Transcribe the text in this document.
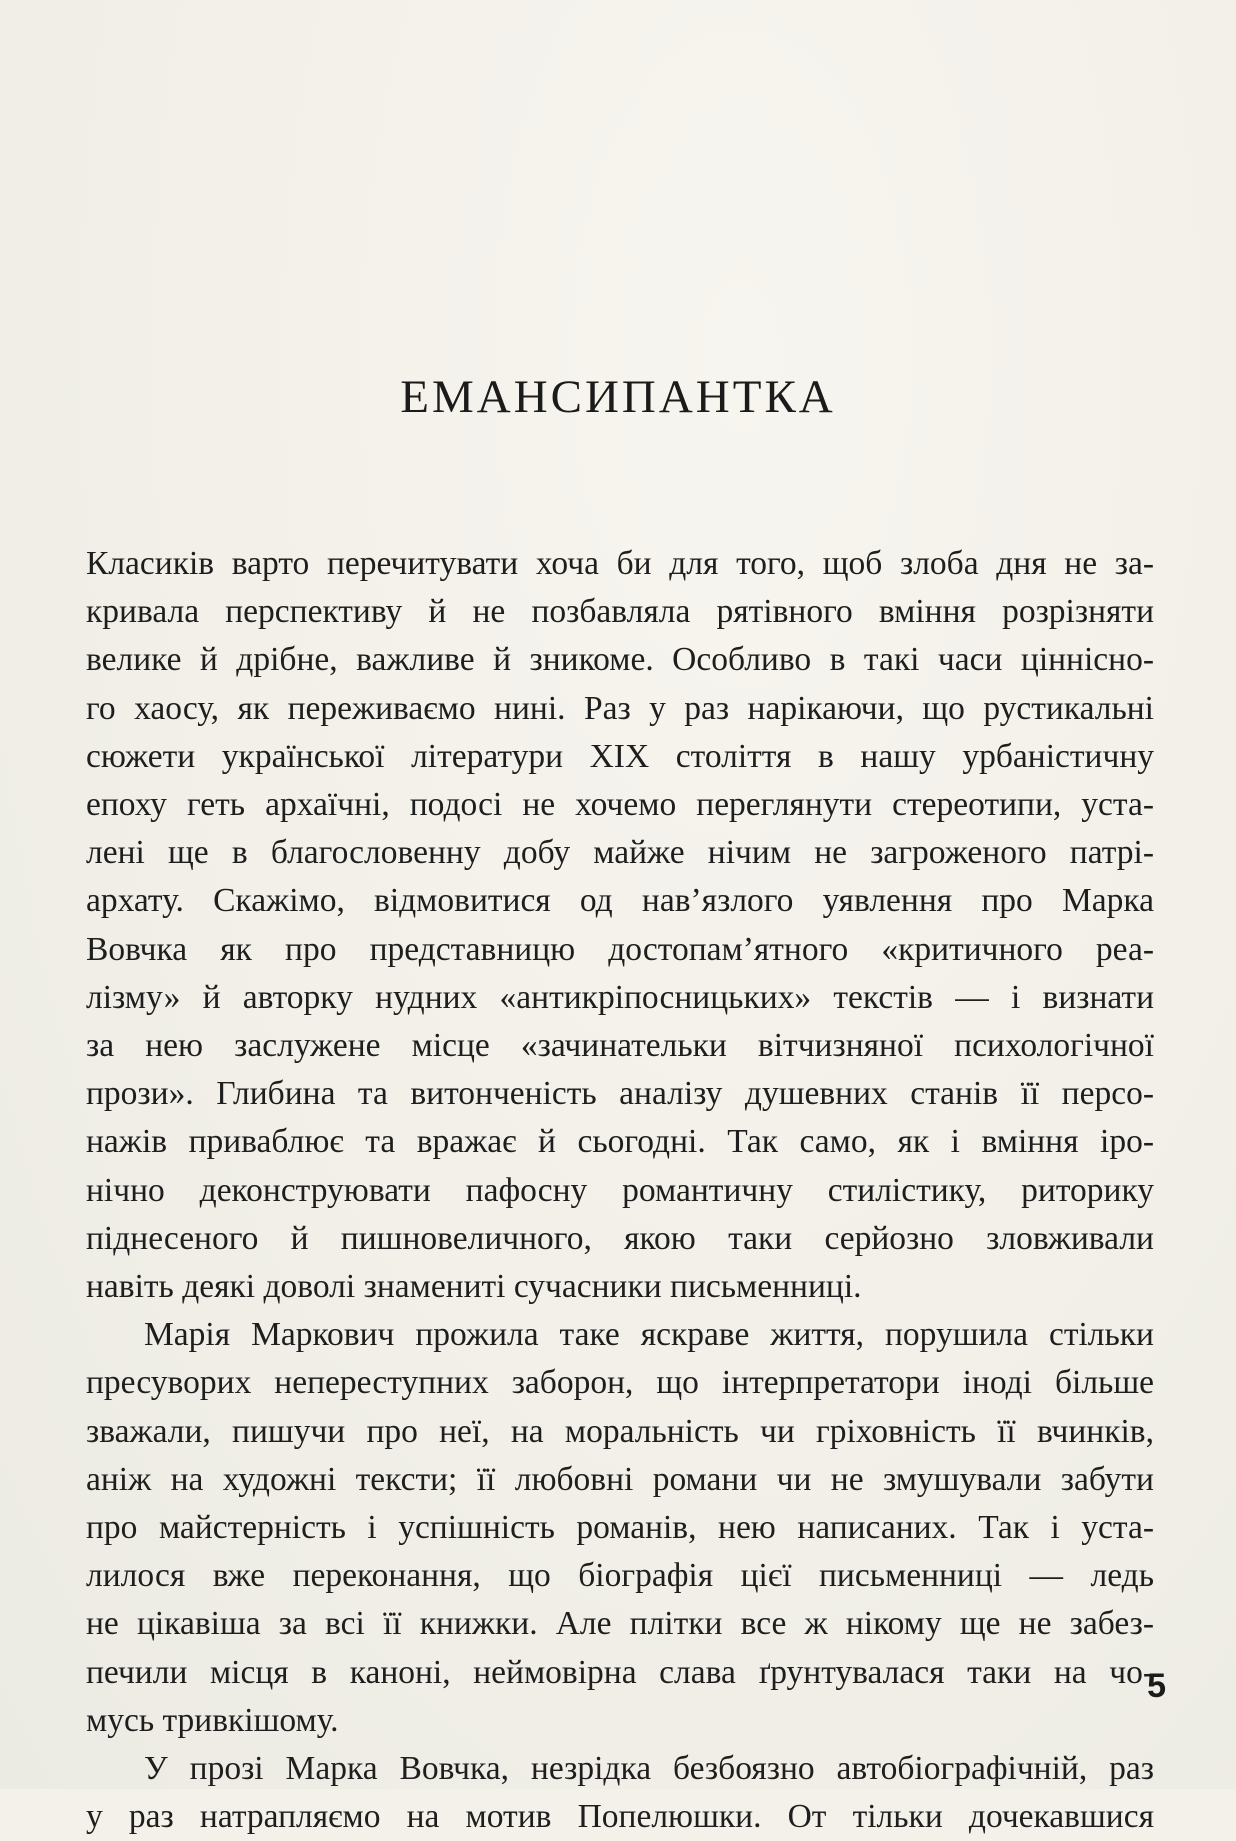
ЕМАНСИПАНТКА

Класиків варто перечитувати хоча би для того, щоб злоба дня не за-
кривала перспективу й не позбавляла рятівного вміння розрізняти
велике й дрібне, важливе й зникоме. Особливо в такі часи ціннісно-
го хаосу, як переживаємо нині. Раз у раз нарікаючи, що рустикальні
сюжети української літератури XIX століття в нашу урбаністичну
епоху геть архаїчні, подосі не хочемо переглянути стереотипи, уста-
лені ще в благословенну добу майже нічим не загроженого патрі-
архату. Скажімо, відмовитися од нав’язлого уявлення про Марка
Вовчка як про представницю достопам’ятного «критичного реа-
лізму» й авторку нудних «антикріпосницьких» текстів — і визнати
за нею заслужене місце «зачинательки вітчизняної психологічної
прози». Глибина та витонченість аналізу душевних станів її персо-
нажів приваблює та вражає й сьогодні. Так само, як і вміння іро-
нічно деконструювати пафосну романтичну стилістику, риторику
піднесеного й пишновеличного, якою таки серйозно зловживали
навіть деякі доволі знамениті сучасники письменниці.

Марія Маркович прожила таке яскраве життя, порушила стільки
пресуворих непереступних заборон, що інтерпретатори іноді більше
зважали, пишучи про неї, на моральність чи гріховність її вчинків,
аніж на художні тексти; її любовні романи чи не змушували забути
про майстерність і успішність романів, нею написаних. Так і уста-
лилося вже переконання, що біографія цієї письменниці — ледь
не цікавіша за всі її книжки. Але плітки все ж нікому ще не забез-
печили місця в каноні, неймовірна слава ґрунтувалася таки на чо-
мусь тривкішому.

У прозі Марка Вовчка, незрідка безбоязно автобіографічній, раз
у раз натрапляємо на мотив Попелюшки. От тільки дочекавшися

5
